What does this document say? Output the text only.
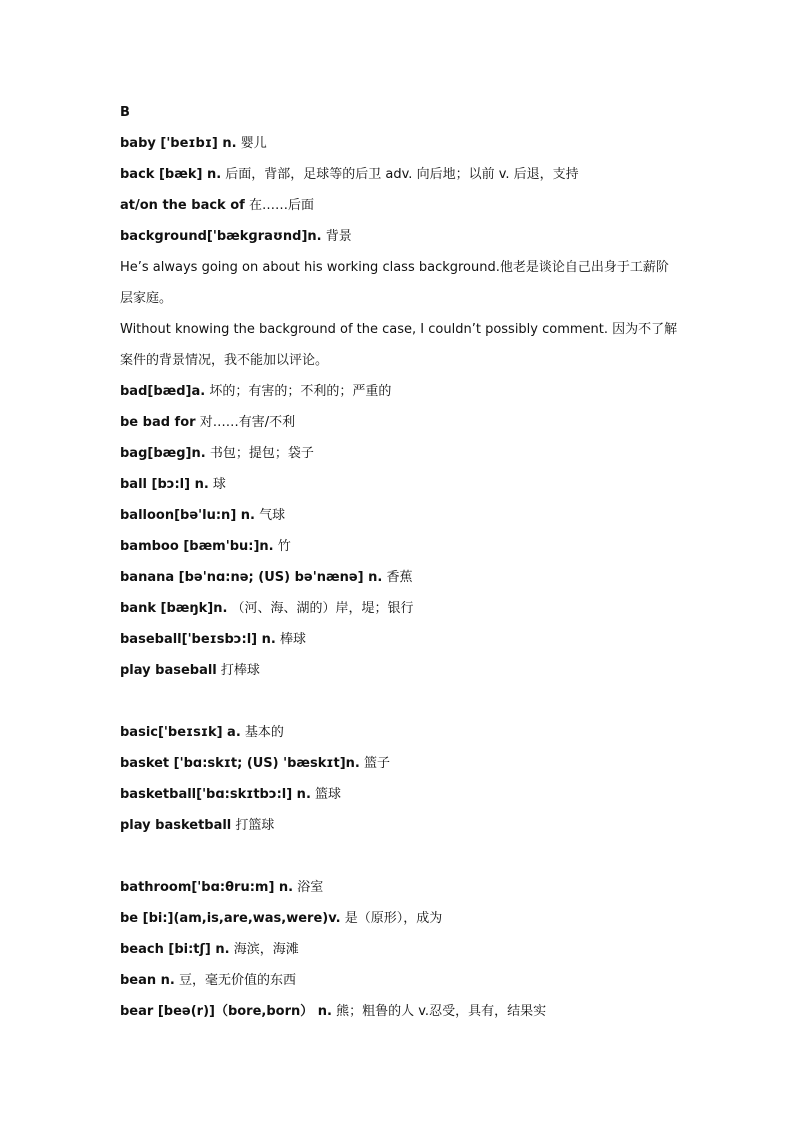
B
baby ['beɪbɪ] n. 婴儿
back [bæk] n. 后面，背部，足球等的后卫 adv. 向后地；以前 v. 后退，支持
at/on the back of 在……后面
background['bækɡraʊnd]n. 背景
He’s always going on about his working class background.他老是谈论自己出身于工薪阶层家庭。
Without knowing the background of the case, I couldn’t possibly comment. 因为不了解案件的背景情况，我不能加以评论。
bad[bæd]a. 坏的；有害的；不利的；严重的
be bad for 对……有害/不利
bag[bæg]n. 书包；提包；袋子
ball [bɔ:l] n. 球
balloon[bə'lu:n] n. 气球
bamboo [bæm'bu:]n. 竹
banana [bə'nɑ:nə; (US) bə'nænə] n. 香蕉
bank [bæŋk]n. （河、海、湖的）岸，堤；银行
baseball['beɪsbɔ:l] n. 棒球
play baseball 打棒球
basic['beɪsɪk] a. 基本的
basket ['bɑ:skɪt; (US) 'bæskɪt]n. 篮子
basketball['bɑ:skɪtbɔ:l] n. 篮球
play basketball 打篮球
bathroom['bɑ:θru:m] n. 浴室
be [bi:](am,is,are,was,were)v. 是（原形），成为
beach [bi:tʃ] n. 海滨，海滩
bean n. 豆，毫无价值的东西
bear [beə(r)]（bore,born） n. 熊；粗鲁的人 v.忍受，具有，结果实
